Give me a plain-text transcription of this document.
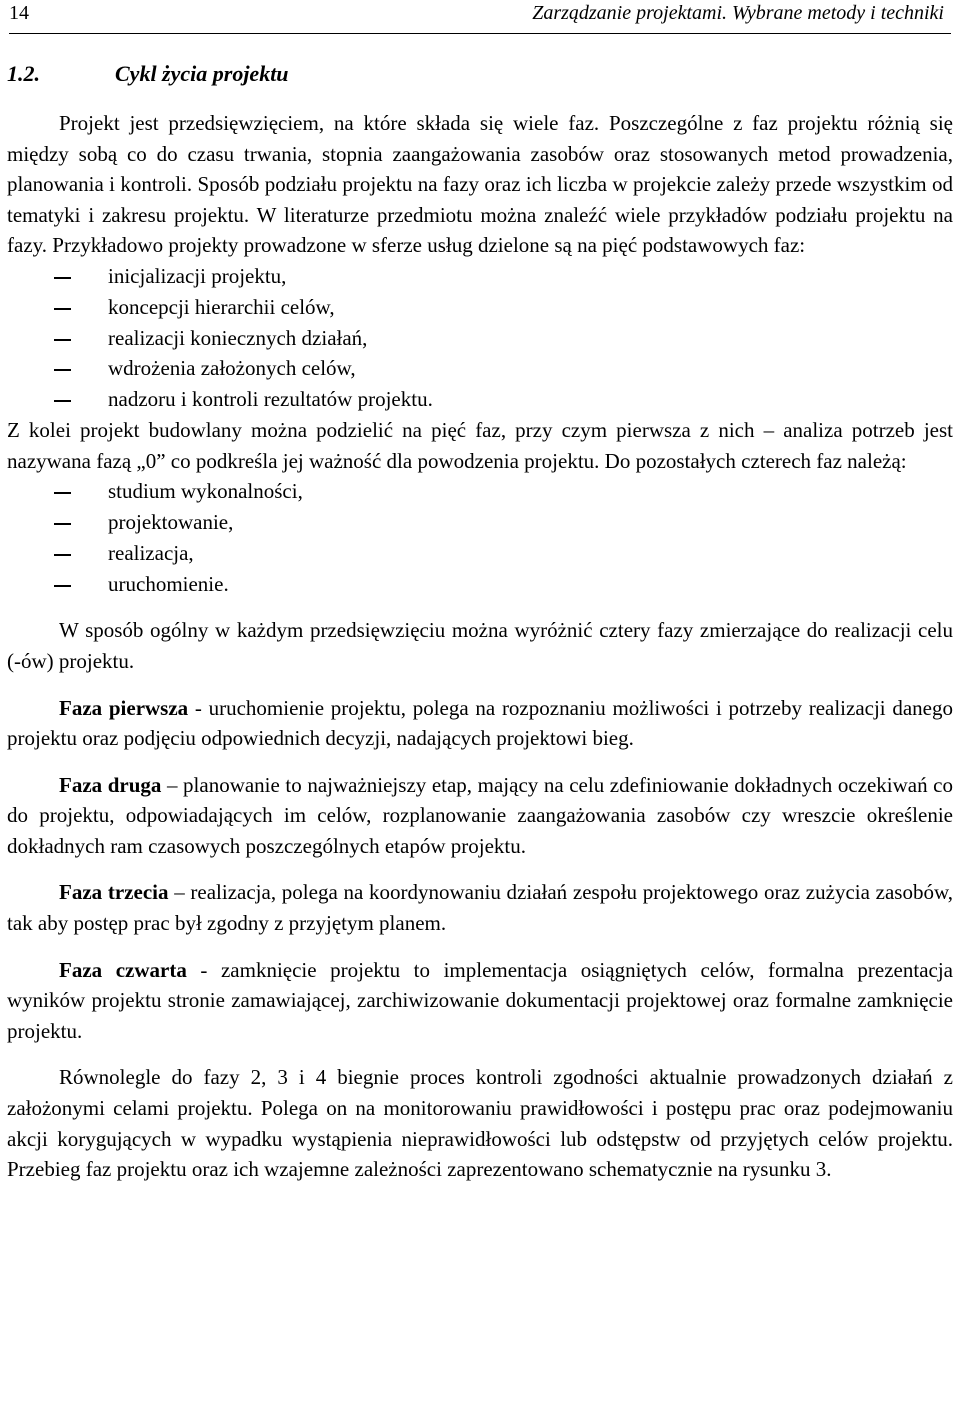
14	Zarządzanie projektami. Wybrane metody i techniki
1.2.	Cykl życia projektu

Projekt jest przedsięwzięciem, na które składa się wiele faz. Poszczególne z faz projektu różnią się między sobą co do czasu trwania, stopnia zaangażowania zasobów oraz stosowanych metod prowadzenia, planowania i kontroli. Sposób podziału projektu na fazy oraz ich liczba w projekcie zależy przede wszystkim od tematyki i zakresu projektu. W literaturze przedmiotu można znaleźć wiele przykładów podziału projektu na fazy. Przykładowo projekty prowadzone w sferze usług dzielone są na pięć podstawowych faz:

inicjalizacji projektu,
koncepcji hierarchii celów,
realizacji koniecznych działań,
wdrożenia założonych celów,
nadzoru i kontroli rezultatów projektu.

Z kolei projekt budowlany można podzielić na pięć faz, przy czym pierwsza z nich – analiza potrzeb jest nazywana fazą „0” co podkreśla jej ważność dla powodzenia projektu. Do pozostałych czterech faz należą:

studium wykonalności,
projektowanie,
realizacja,
uruchomienie.

W sposób ogólny w każdym przedsięwzięciu można wyróżnić cztery fazy zmierzające do realizacji celu (-ów) projektu.

Faza pierwsza - uruchomienie projektu, polega na rozpoznaniu możliwości i potrzeby realizacji danego projektu oraz podjęciu odpowiednich decyzji, nadających projektowi bieg.

Faza druga – planowanie to najważniejszy etap, mający na celu zdefiniowanie dokładnych oczekiwań co do projektu, odpowiadających im celów, rozplanowanie zaangażowania zasobów czy wreszcie określenie dokładnych ram czasowych poszczególnych etapów projektu.

Faza trzecia – realizacja, polega na koordynowaniu działań zespołu projektowego oraz zużycia zasobów, tak aby postęp prac był zgodny z przyjętym planem.

Faza czwarta - zamknięcie projektu to implementacja osiągniętych celów, formalna prezentacja wyników projektu stronie zamawiającej, zarchiwizowanie dokumentacji projektowej oraz formalne zamknięcie projektu.

Równolegle do fazy 2, 3 i 4 biegnie proces kontroli zgodności aktualnie prowadzonych działań z założonymi celami projektu. Polega on na monitorowaniu prawidłowości i postępu prac oraz podejmowaniu akcji korygujących w wypadku wystąpienia nieprawidłowości lub odstępstw od przyjętych celów projektu. Przebieg faz projektu oraz ich wzajemne zależności zaprezentowano schematycznie na rysunku 3.
